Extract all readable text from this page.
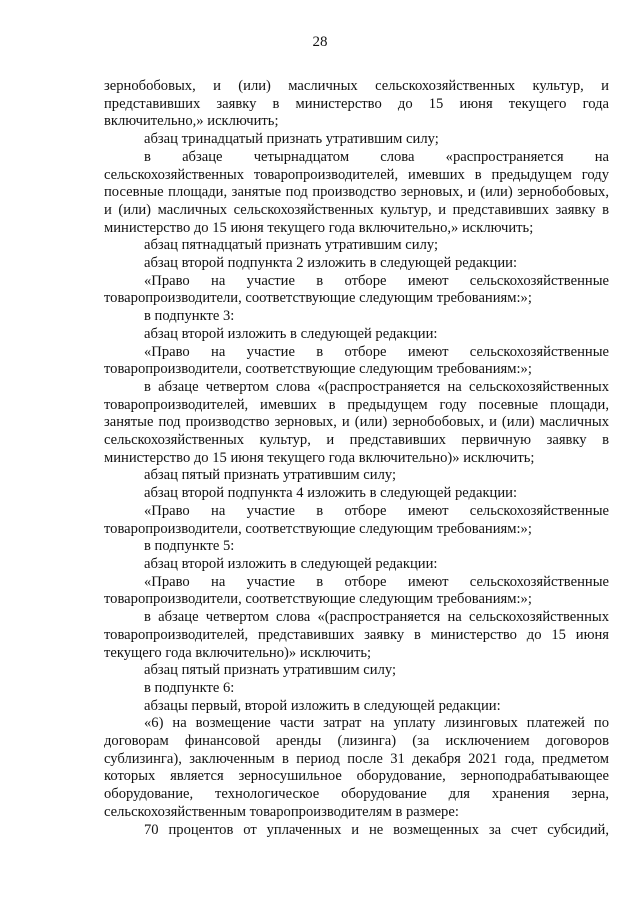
28

зернобобовых, и (или) масличных сельскохозяйственных культур, и представивших заявку в министерство до 15 июня текущего года включительно,» исключить;

абзац тринадцатый признать утратившим силу;

в абзаце четырнадцатом слова «распространяется на сельскохозяйственных товаропроизводителей, имевших в предыдущем году посевные площади, занятые под производство зерновых, и (или) зернобобовых, и (или) масличных сельскохозяйственных культур, и представивших заявку в министерство до 15 июня текущего года включительно,» исключить;

абзац пятнадцатый признать утратившим силу;

абзац второй подпункта 2 изложить в следующей редакции:

«Право на участие в отборе имеют сельскохозяйственные товаропроизводители, соответствующие следующим требованиям:»;

в подпункте 3:

абзац второй изложить в следующей редакции:

«Право на участие в отборе имеют сельскохозяйственные товаропроизводители, соответствующие следующим требованиям:»;

в абзаце четвертом слова «(распространяется на сельскохозяйственных товаропроизводителей, имевших в предыдущем году посевные площади, занятые под производство зерновых, и (или) зернобобовых, и (или) масличных сельскохозяйственных культур, и представивших первичную заявку в министерство до 15 июня текущего года включительно)» исключить;

абзац пятый признать утратившим силу;

абзац второй подпункта 4 изложить в следующей редакции:

«Право на участие в отборе имеют сельскохозяйственные товаропроизводители, соответствующие следующим требованиям:»;

в подпункте 5:

абзац второй изложить в следующей редакции:

«Право на участие в отборе имеют сельскохозяйственные товаропроизводители, соответствующие следующим требованиям:»;

в абзаце четвертом слова «(распространяется на сельскохозяйственных товаропроизводителей, представивших заявку в министерство до 15 июня текущего года включительно)» исключить;

абзац пятый признать утратившим силу;

в подпункте 6:

абзацы первый, второй изложить в следующей редакции:

«6) на возмещение части затрат на уплату лизинговых платежей по договорам финансовой аренды (лизинга) (за исключением договоров сублизинга), заключенным в период после 31 декабря 2021 года, предметом которых является зерносушильное оборудование, зерноподрабатывающее оборудование, технологическое оборудование для хранения зерна, сельскохозяйственным товаропроизводителям в размере:

70 процентов от уплаченных и не возмещенных за счет субсидий,
